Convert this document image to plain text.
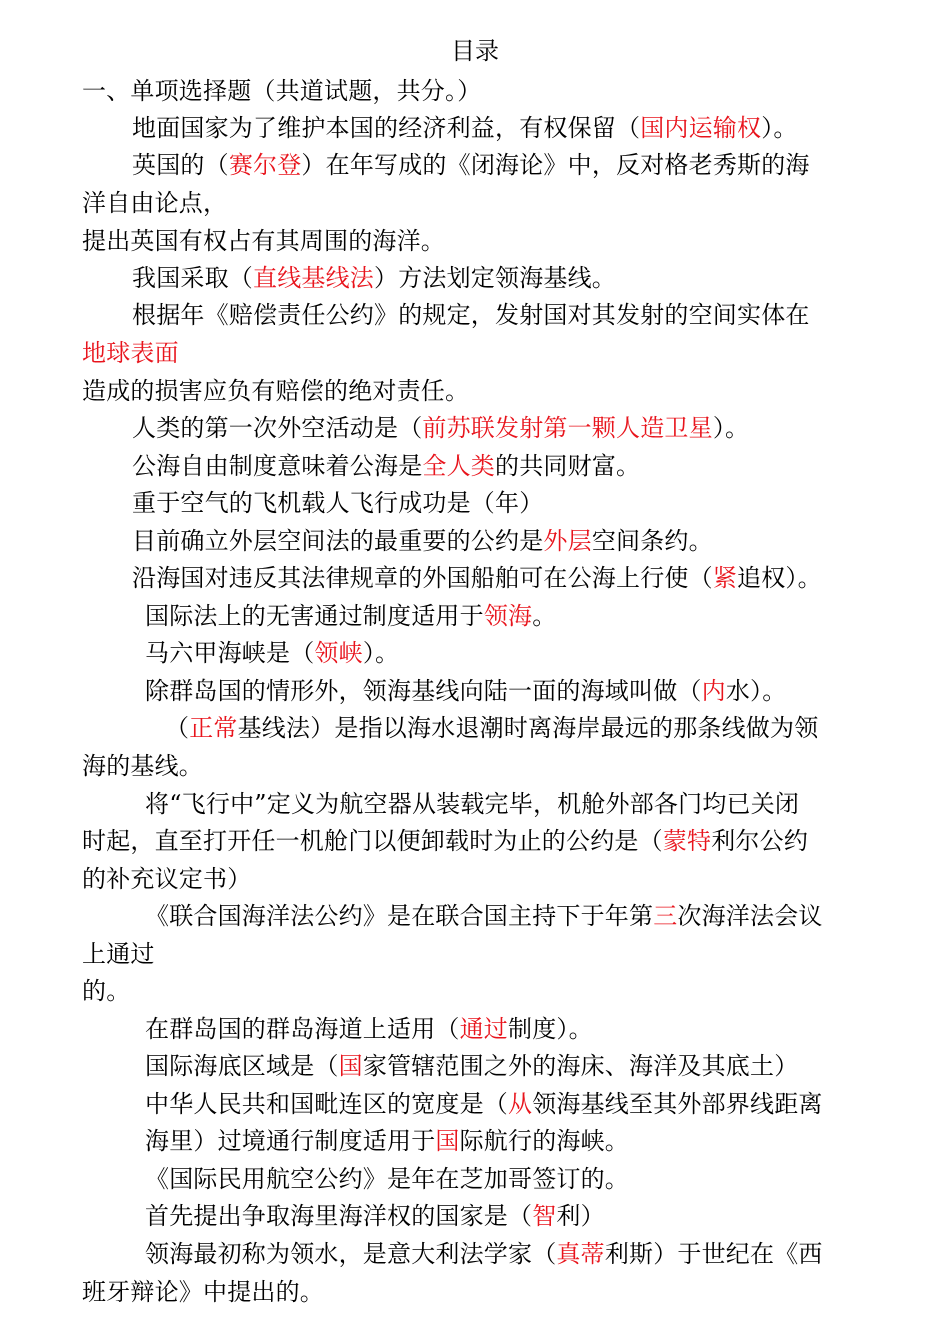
目录
一、单项选择题（共道试题，共分。）
地面国家为了维护本国的经济利益，有权保留（国内运输权）。
英国的（赛尔登）在年写成的《闭海论》中，反对格老秀斯的海
洋自由论点，
提出英国有权占有其周围的海洋。
我国采取（直线基线法）方法划定领海基线。
根据年《赔偿责任公约》的规定，发射国对其发射的空间实体在
地球表面
造成的损害应负有赔偿的绝对责任。
人类的第一次外空活动是（前苏联发射第一颗人造卫星）。
公海自由制度意味着公海是全人类的共同财富。
重于空气的飞机载人飞行成功是（年）
目前确立外层空间法的最重要的公约是外层空间条约。
沿海国对违反其法律规章的外国船舶可在公海上行使（紧追权）。
国际法上的无害通过制度适用于领海。
马六甲海峡是（领峡）。
除群岛国的情形外，领海基线向陆一面的海域叫做（内水）。
（正常基线法）是指以海水退潮时离海岸最远的那条线做为领
海的基线。
将“飞行中”定义为航空器从装载完毕，机舱外部各门均已关闭
时起，直至打开任一机舱门以便卸载时为止的公约是（蒙特利尔公约
的补充议定书）
《联合国海洋法公约》是在联合国主持下于年第三次海洋法会议
上通过
的。
在群岛国的群岛海道上适用（通过制度）。
国际海底区域是（国家管辖范围之外的海床、海洋及其底土）
中华人民共和国毗连区的宽度是（从领海基线至其外部界线距离
海里）过境通行制度适用于国际航行的海峡。
《国际民用航空公约》是年在芝加哥签订的。
首先提出争取海里海洋权的国家是（智利）
领海最初称为领水，是意大利法学家（真蒂利斯）于世纪在《西
班牙辩论》中提出的。
